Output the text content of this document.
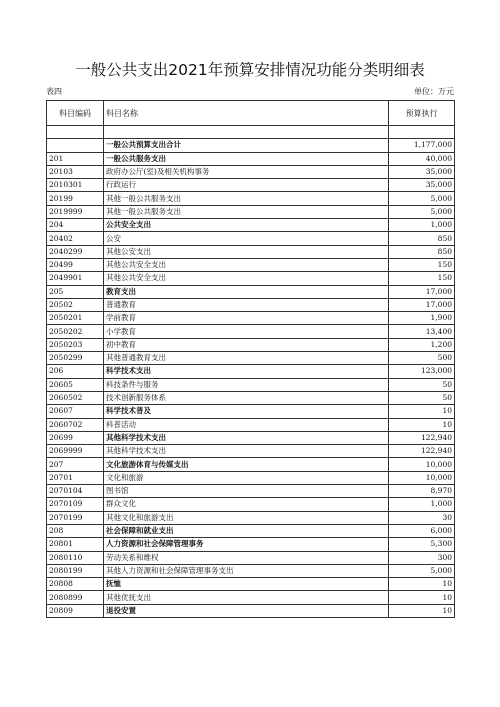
一般公共支出2021年预算安排情况功能分类明细表
表四	单位：万元
科目编码	科目名称	预算执行

	一般公共预算支出合计	1,177,000
201	一般公共服务支出	40,000
20103	政府办公厅(室)及相关机构事务	35,000
2010301	行政运行	35,000
20199	其他一般公共服务支出	5,000
2019999	其他一般公共服务支出	5,000
204	公共安全支出	1,000
20402	公安	850
2040299	其他公安支出	850
20499	其他公共安全支出	150
2049901	其他公共安全支出	150
205	教育支出	17,000
20502	普通教育	17,000
2050201	学前教育	1,900
2050202	小学教育	13,400
2050203	初中教育	1,200
2050299	其他普通教育支出	500
206	科学技术支出	123,000
20605	科技条件与服务	50
2060502	技术创新服务体系	50
20607	科学技术普及	10
2060702	科普活动	10
20699	其他科学技术支出	122,940
2069999	其他科学技术支出	122,940
207	文化旅游体育与传媒支出	10,000
20701	文化和旅游	10,000
2070104	图书馆	8,970
2070109	群众文化	1,000
2070199	其他文化和旅游支出	30
208	社会保障和就业支出	6,000
20801	人力资源和社会保障管理事务	5,300
2080110	劳动关系和维权	300
2080199	其他人力资源和社会保障管理事务支出	5,000
20808	抚恤	10
2080899	其他优抚支出	10
20809	退役安置	10
